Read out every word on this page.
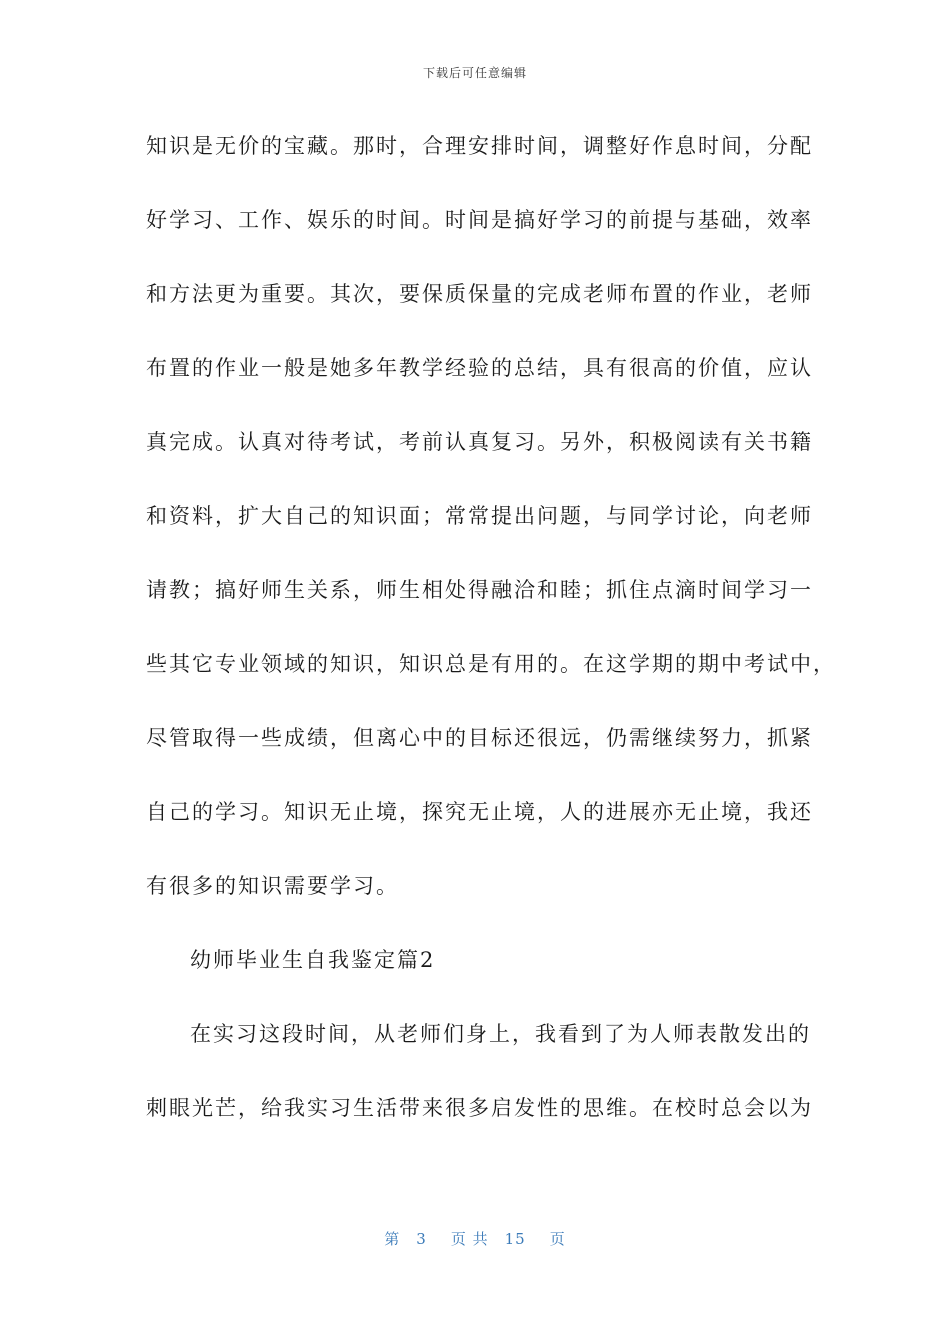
下载后可任意编辑
知识是无价的宝藏。那时，合理安排时间，调整好作息时间，分配
好学习、工作、娱乐的时间。时间是搞好学习的前提与基础，效率
和方法更为重要。其次，要保质保量的完成老师布置的作业，老师
布置的作业一般是她多年教学经验的总结，具有很高的价值，应认
真完成。认真对待考试，考前认真复习。另外，积极阅读有关书籍
和资料，扩大自己的知识面；常常提出问题，与同学讨论，向老师
请教；搞好师生关系，师生相处得融洽和睦；抓住点滴时间学习一
些其它专业领域的知识，知识总是有用的。在这学期的期中考试中，
尽管取得一些成绩，但离心中的目标还很远，仍需继续努力，抓紧
自己的学习。知识无止境，探究无止境，人的进展亦无止境，我还
有很多的知识需要学习。
幼师毕业生自我鉴定篇2
在实习这段时间，从老师们身上，我看到了为人师表散发出的
刺眼光芒，给我实习生活带来很多启发性的思维。在校时总会以为
第 3 页 共 15 页
